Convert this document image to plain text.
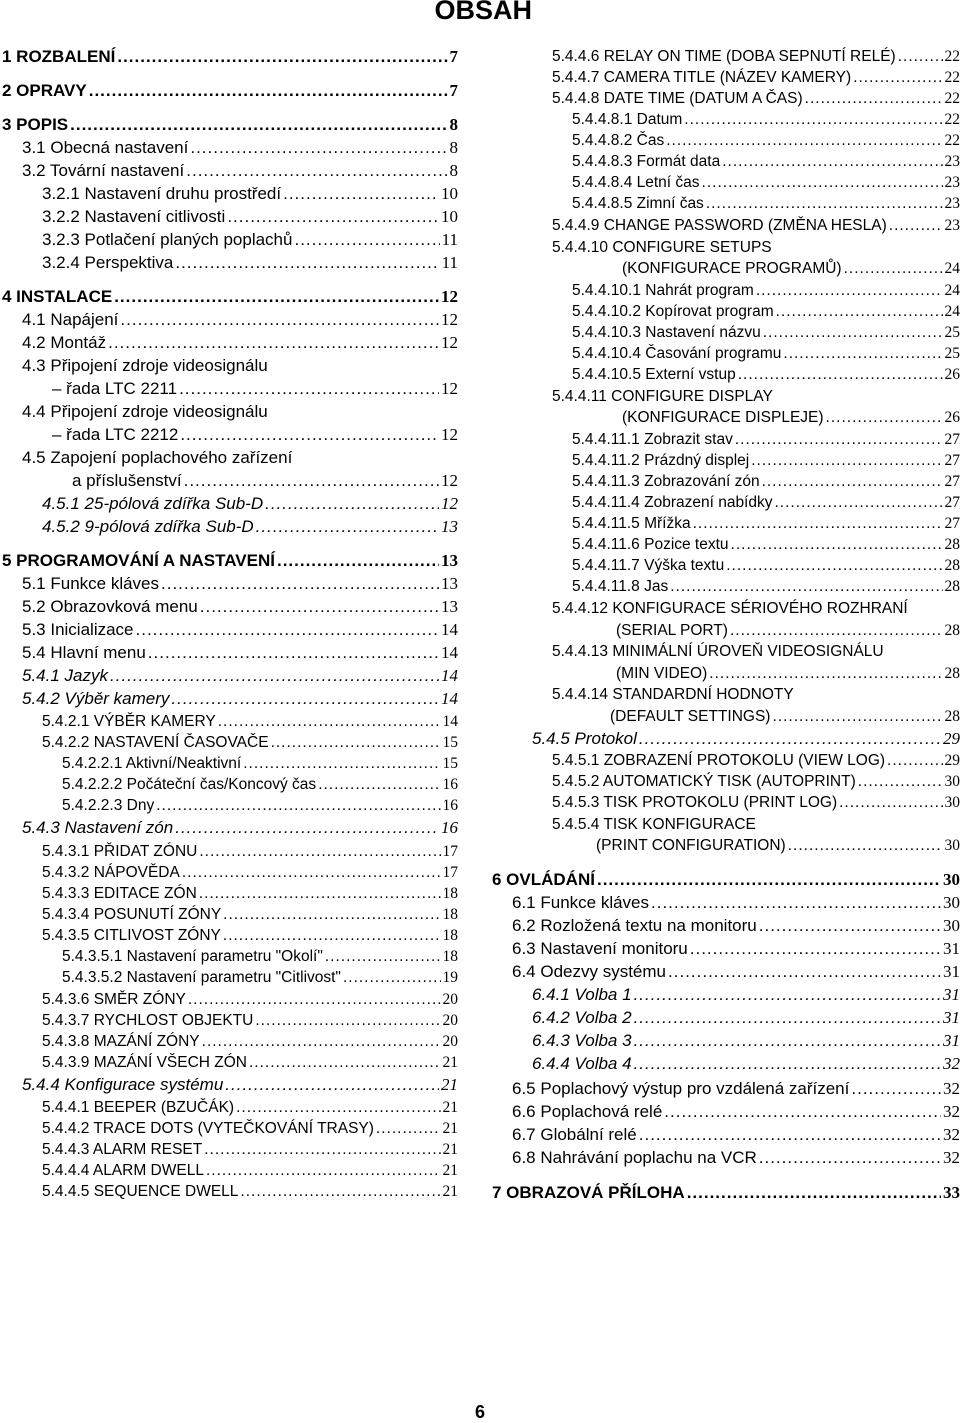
OBSAH
1 ROZBALENÍ .....	7
2 OPRAVY .....	7
3 POPIS .....	8
3.1 Obecná nastavení .....	8
3.2 Tovární nastavení .....	8
3.2.1 Nastavení druhu prostředí .....	10
3.2.2 Nastavení citlivosti .....	10
3.2.3 Potlačení planých poplachů .....	11
3.2.4 Perspektiva .....	11
4 INSTALACE .....	12
4.1 Napájení .....	12
4.2 Montáž .....	12
4.3 Připojení zdroje videosignálu
– řada LTC 2211 .....	12
4.4 Připojení zdroje videosignálu
– řada LTC 2212 .....	12
4.5 Zapojení poplachového zařízení
a příslušenství .....	12
4.5.1 25-pólová zdířka Sub-D .....	12
4.5.2 9-pólová zdířka Sub-D .....	13
5 PROGRAMOVÁNÍ A NASTAVENÍ .....	13
5.1 Funkce kláves .....	13
5.2 Obrazovková menu .....	13
5.3 Inicializace .....	14
5.4 Hlavní menu .....	14
5.4.1 Jazyk .....	14
5.4.2 Výběr kamery .....	14
5.4.2.1 VÝBĚR KAMERY .....	14
5.4.2.2 NASTAVENÍ ČASOVAČE .....	15
5.4.2.2.1 Aktivní/Neaktivní .....	15
5.4.2.2.2 Počáteční čas/Koncový čas .....	16
5.4.2.2.3 Dny .....	16
5.4.3 Nastavení zón .....	16
5.4.3.1 PŘIDAT ZÓNU .....	17
5.4.3.2 NÁPOVĚDA .....	17
5.4.3.3 EDITACE ZÓN .....	18
5.4.3.4 POSUNUTÍ ZÓNY .....	18
5.4.3.5 CITLIVOST ZÓNY .....	18
5.4.3.5.1 Nastavení parametru "Okolí" .....	18
5.4.3.5.2 Nastavení parametru "Citlivost" .....	19
5.4.3.6 SMĚR ZÓNY .....	20
5.4.3.7 RYCHLOST OBJEKTU .....	20
5.4.3.8 MAZÁNÍ ZÓNY .....	20
5.4.3.9 MAZÁNÍ VŠECH ZÓN .....	21
5.4.4 Konfigurace systému .....	21
5.4.4.1 BEEPER (BZUČÁK) .....	21
5.4.4.2 TRACE DOTS (VYTEČKOVÁNÍ TRASY) .....	21
5.4.4.3 ALARM RESET .....	21
5.4.4.4 ALARM DWELL .....	21
5.4.4.5 SEQUENCE DWELL .....	21
5.4.4.6 RELAY ON TIME (DOBA SEPNUTÍ RELÉ) .....	22
5.4.4.7 CAMERA TITLE (NÁZEV KAMERY) .....	22
5.4.4.8 DATE TIME (DATUM A ČAS) .....	22
5.4.4.8.1 Datum .....	22
5.4.4.8.2 Čas .....	22
5.4.4.8.3 Formát data .....	23
5.4.4.8.4 Letní čas .....	23
5.4.4.8.5 Zimní čas .....	23
5.4.4.9 CHANGE PASSWORD (ZMĚNA HESLA) .....	23
5.4.4.10 CONFIGURE SETUPS
(KONFIGURACE PROGRAMŮ) .....	24
5.4.4.10.1 Nahrát program .....	24
5.4.4.10.2 Kopírovat program .....	24
5.4.4.10.3 Nastavení názvu .....	25
5.4.4.10.4 Časování programu .....	25
5.4.4.10.5 Externí vstup .....	26
5.4.4.11 CONFIGURE DISPLAY
(KONFIGURACE DISPLEJE) .....	26
5.4.4.11.1 Zobrazit stav .....	27
5.4.4.11.2 Prázdný displej .....	27
5.4.4.11.3 Zobrazování zón .....	27
5.4.4.11.4 Zobrazení nabídky .....	27
5.4.4.11.5 Mřížka .....	27
5.4.4.11.6 Pozice textu .....	28
5.4.4.11.7 Výška textu .....	28
5.4.4.11.8 Jas .....	28
5.4.4.12 KONFIGURACE SÉRIOVÉHO ROZHRANÍ
(SERIAL PORT) .....	28
5.4.4.13 MINIMÁLNÍ ÚROVEŇ VIDEOSIGNÁLU
(MIN VIDEO) .....	28
5.4.4.14 STANDARDNÍ HODNOTY
(DEFAULT SETTINGS) .....	28
5.4.5 Protokol .....	29
5.4.5.1 ZOBRAZENÍ PROTOKOLU (VIEW LOG) .....	29
5.4.5.2 AUTOMATICKÝ TISK (AUTOPRINT) .....	30
5.4.5.3 TISK PROTOKOLU (PRINT LOG) .....	30
5.4.5.4 TISK KONFIGURACE
(PRINT CONFIGURATION) .....	30
6 OVLÁDÁNÍ .....	30
6.1 Funkce kláves .....	30
6.2 Rozložená textu na monitoru .....	30
6.3 Nastavení monitoru .....	31
6.4 Odezvy systému .....	31
6.4.1 Volba 1 .....	31
6.4.2 Volba 2 .....	31
6.4.3 Volba 3 .....	31
6.4.4 Volba 4 .....	32
6.5 Poplachový výstup pro vzdálená zařízení .....	32
6.6 Poplachová relé .....	32
6.7 Globální relé .....	32
6.8 Nahrávání poplachu na VCR .....	32
7 OBRAZOVÁ PŘÍLOHA .....	33
6
